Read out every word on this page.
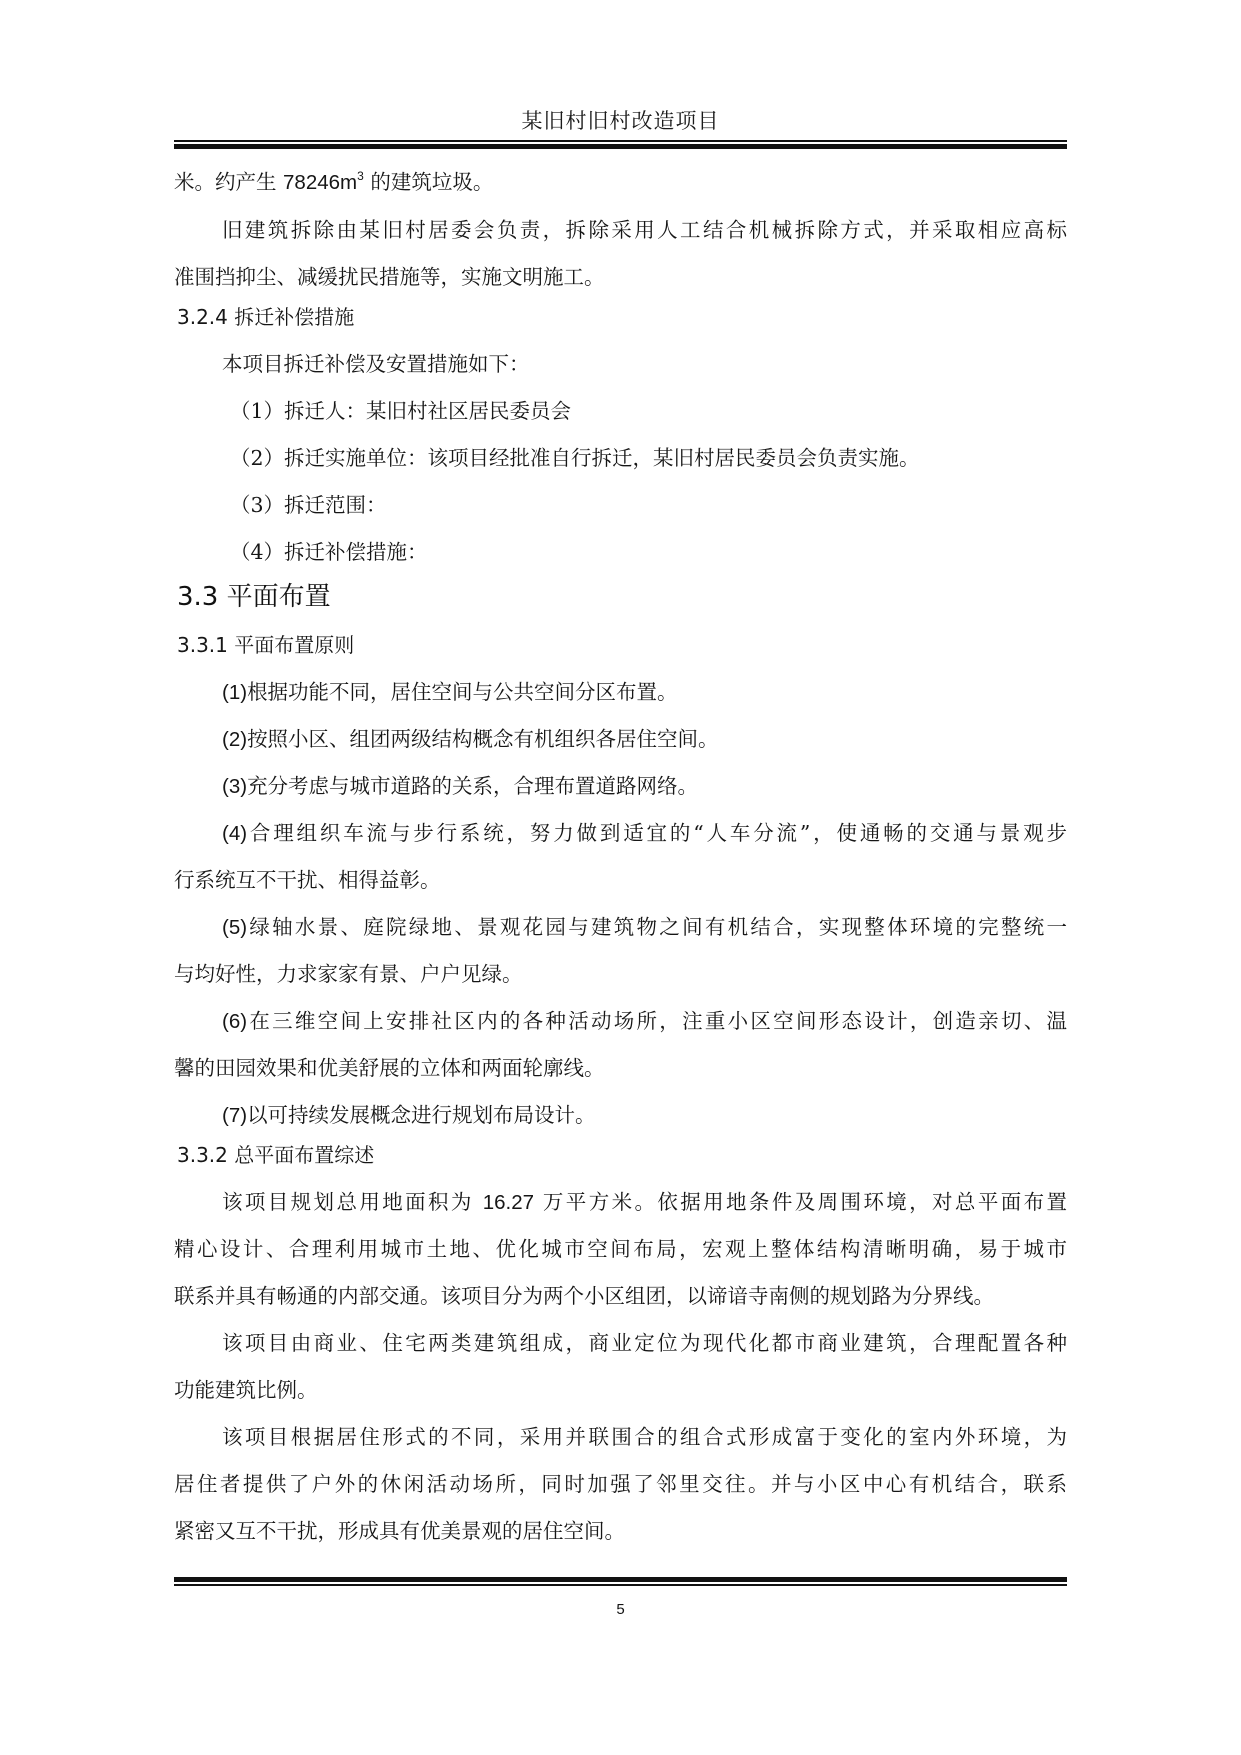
某旧村旧村改造项目
米。约产生 $78246m^3$ 的建筑垃圾。
旧建筑拆除由某旧村居委会负责，拆除采用人工结合机械拆除方式，并采取相应高标
准围挡抑尘、减缓扰民措施等，实施文明施工。
3.2.4 拆迁补偿措施
本项目拆迁补偿及安置措施如下：
（1）拆迁人：某旧村社区居民委员会
（2）拆迁实施单位：该项目经批准自行拆迁，某旧村居民委员会负责实施。
（3）拆迁范围：
（4）拆迁补偿措施：
3.3 平面布置
3.3.1 平面布置原则
(1)根据功能不同，居住空间与公共空间分区布置。
(2)按照小区、组团两级结构概念有机组织各居住空间。
(3)充分考虑与城市道路的关系，合理布置道路网络。
(4)合理组织车流与步行系统，努力做到适宜的“人车分流”，使通畅的交通与景观步
行系统互不干扰、相得益彰。
(5)绿轴水景、庭院绿地、景观花园与建筑物之间有机结合，实现整体环境的完整统一
与均好性，力求家家有景、户户见绿。
(6)在三维空间上安排社区内的各种活动场所，注重小区空间形态设计，创造亲切、温
馨的田园效果和优美舒展的立体和两面轮廓线。
(7)以可持续发展概念进行规划布局设计。
3.3.2 总平面布置综述
该项目规划总用地面积为 16.27 万平方米。依据用地条件及周围环境，对总平面布置
精心设计、合理利用城市土地、优化城市空间布局，宏观上整体结构清晰明确，易于城市
联系并具有畅通的内部交通。该项目分为两个小区组团，以谛谙寺南侧的规划路为分界线。
该项目由商业、住宅两类建筑组成，商业定位为现代化都市商业建筑，合理配置各种
功能建筑比例。
该项目根据居住形式的不同，采用并联围合的组合式形成富于变化的室内外环境，为
居住者提供了户外的休闲活动场所，同时加强了邻里交往。并与小区中心有机结合，联系
紧密又互不干扰，形成具有优美景观的居住空间。
5
